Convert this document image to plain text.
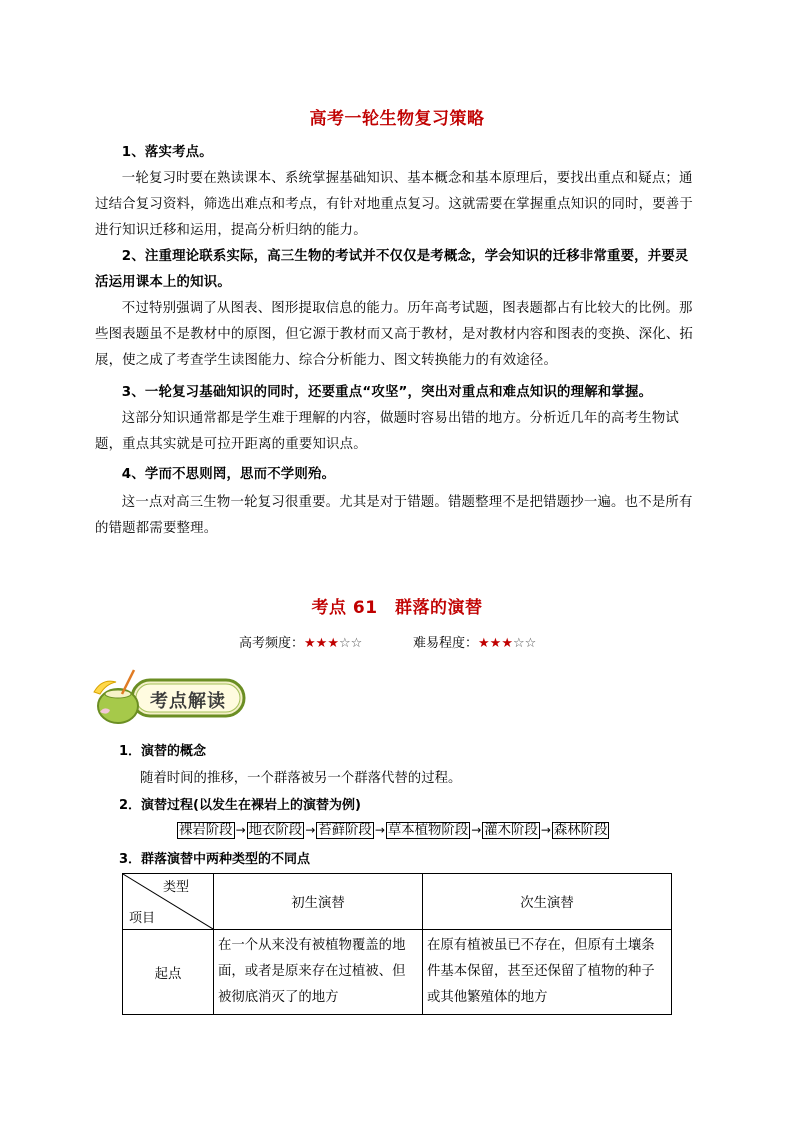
高考一轮生物复习策略
1、落实考点。
一轮复习时要在熟读课本、系统掌握基础知识、基本概念和基本原理后，要找出重点和疑点；通过结合复习资料，筛选出难点和考点，有针对地重点复习。这就需要在掌握重点知识的同时，要善于进行知识迁移和运用，提高分析归纳的能力。
2、注重理论联系实际，高三生物的考试并不仅仅是考概念，学会知识的迁移非常重要，并要灵活运用课本上的知识。
不过特别强调了从图表、图形提取信息的能力。历年高考试题，图表题都占有比较大的比例。那些图表题虽不是教材中的原图，但它源于教材而又高于教材，是对教材内容和图表的变换、深化、拓展，使之成了考查学生读图能力、综合分析能力、图文转换能力的有效途径。
3、一轮复习基础知识的同时，还要重点“攻坚”，突出对重点和难点知识的理解和掌握。
这部分知识通常都是学生难于理解的内容，做题时容易出错的地方。分析近几年的高考生物试题，重点其实就是可拉开距离的重要知识点。
4、学而不思则罔，思而不学则殆。
这一点对高三生物一轮复习很重要。尤其是对于错题。错题整理不是把错题抄一遍。也不是所有的错题都需要整理。
考点 61　群落的演替
高考频度：★★★☆☆	难易程度：★★★☆☆
考点解读
1．演替的概念
随着时间的推移，一个群落被另一个群落代替的过程。
2．演替过程(以发生在裸岩上的演替为例)
裸岩阶段 → 地衣阶段 → 苔藓阶段 → 草本植物阶段 → 灌木阶段 → 森林阶段
3．群落演替中两种类型的不同点
类型
项目	初生演替	次生演替
起点	在一个从来没有被植物覆盖的地面，或者是原来存在过植被、但被彻底消灭了的地方	在原有植被虽已不存在，但原有土壤条件基本保留，甚至还保留了植物的种子或其他繁殖体的地方
